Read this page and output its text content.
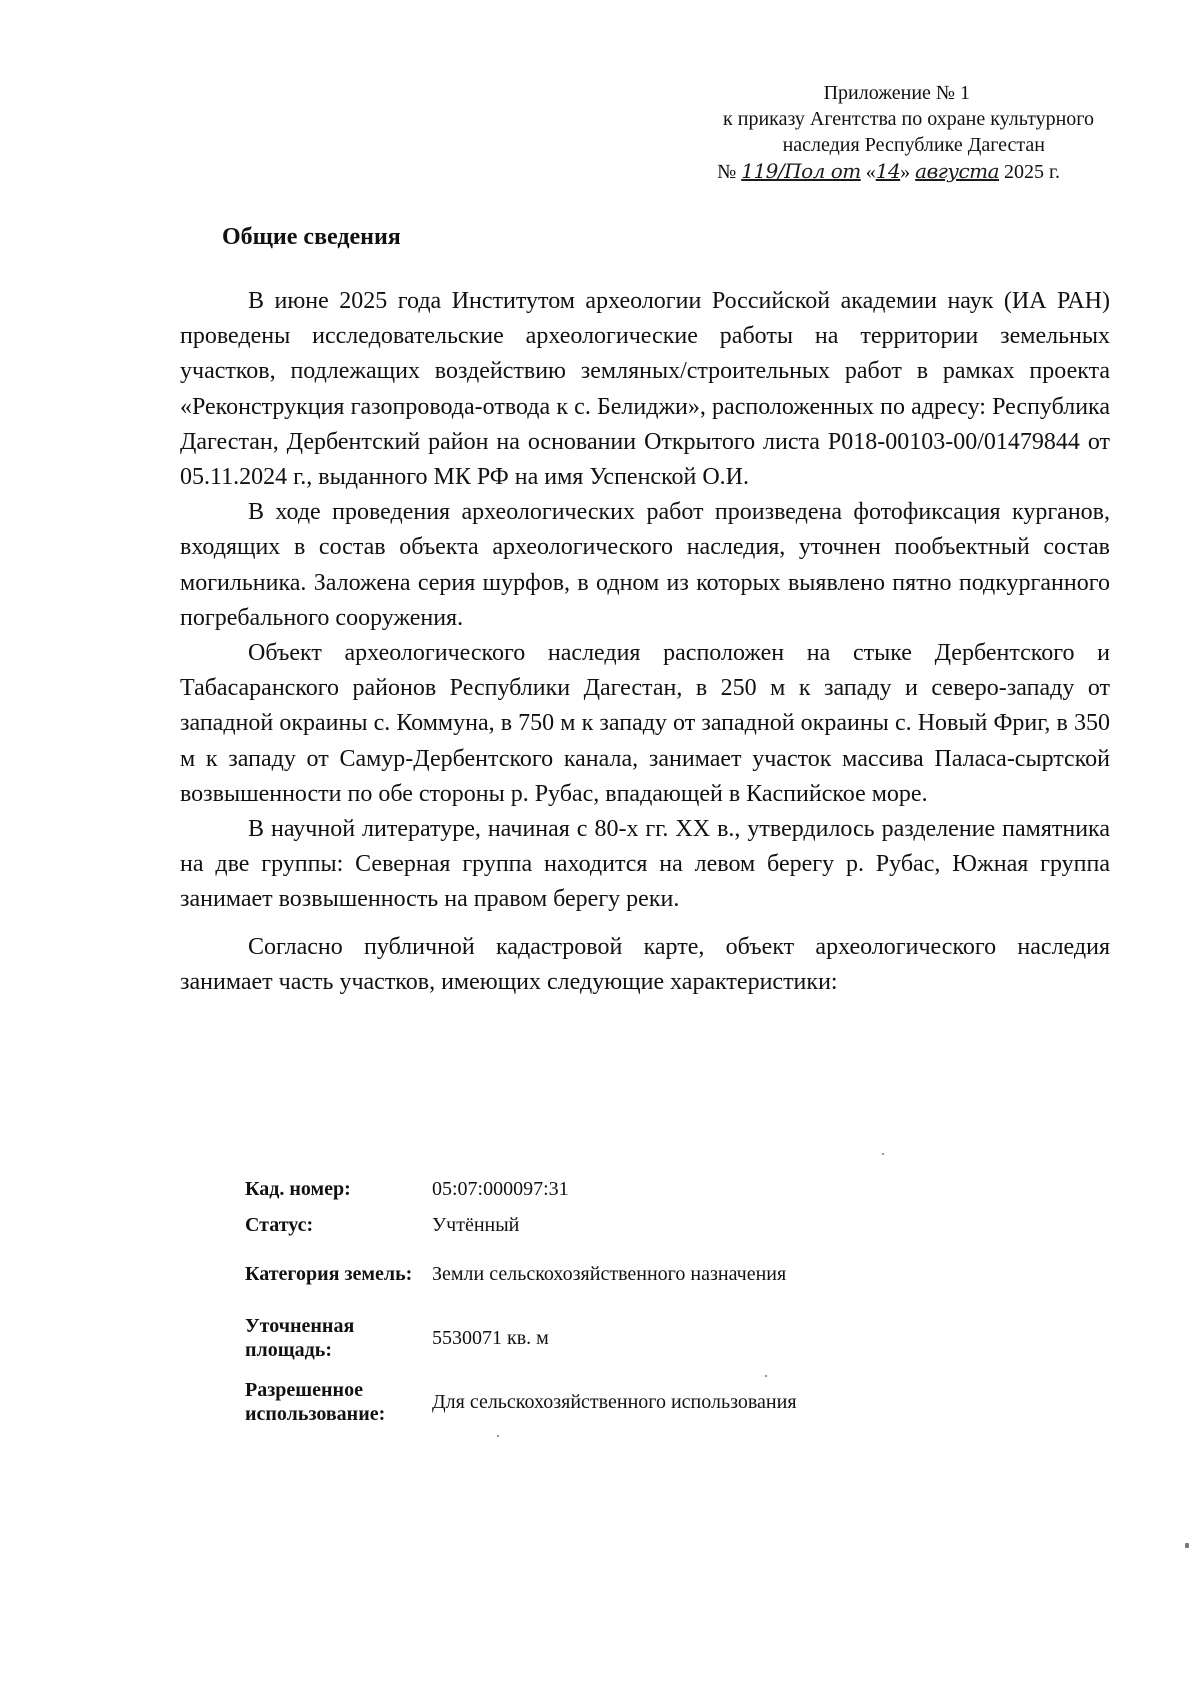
Приложение № 1
к приказу Агентства по охране культурного
наследия Республике Дагестан
№ 119/Пол от «14» августа 2025 г.
Общие сведения

В июне 2025 года Институтом археологии Российской академии наук (ИА РАН) проведены исследовательские археологические работы на территории земельных участков, подлежащих воздействию земляных/строительных работ в рамках проекта «Реконструкция газопровода-отвода к с. Белиджи», расположенных по адресу: Республика Дагестан, Дербентский район на основании Открытого листа Р018-00103-00/01479844 от 05.11.2024 г., выданного МК РФ на имя Успенской О.И.

В ходе проведения археологических работ произведена фотофиксация курганов, входящих в состав объекта археологического наследия, уточнен пообъектный состав могильника. Заложена серия шурфов, в одном из которых выявлено пятно подкурганного погребального сооружения.

Объект археологического наследия расположен на стыке Дербентского и Табасаранского районов Республики Дагестан, в 250 м к западу и северо-западу от западной окраины с. Коммуна, в 750 м к западу от западной окраины с. Новый Фриг, в 350 м к западу от Самур-Дербентского канала, занимает участок массива Паласа-сыртской возвышенности по обе стороны р. Рубас, впадающей в Каспийское море.

В научной литературе, начиная с 80-х гг. XX в., утвердилось разделение памятника на две группы: Северная группа находится на левом берегу р. Рубас, Южная группа занимает возвышенность на правом берегу реки.

Согласно публичной кадастровой карте, объект археологического наследия занимает часть участков, имеющих следующие характеристики:

Кад. номер:	05:07:000097:31
Статус:	Учтённый
Категория земель:	Земли сельскохозяйственного назначения
Уточненная площадь:	5530071 кв. м
Разрешенное использование:	Для сельскохозяйственного использования
